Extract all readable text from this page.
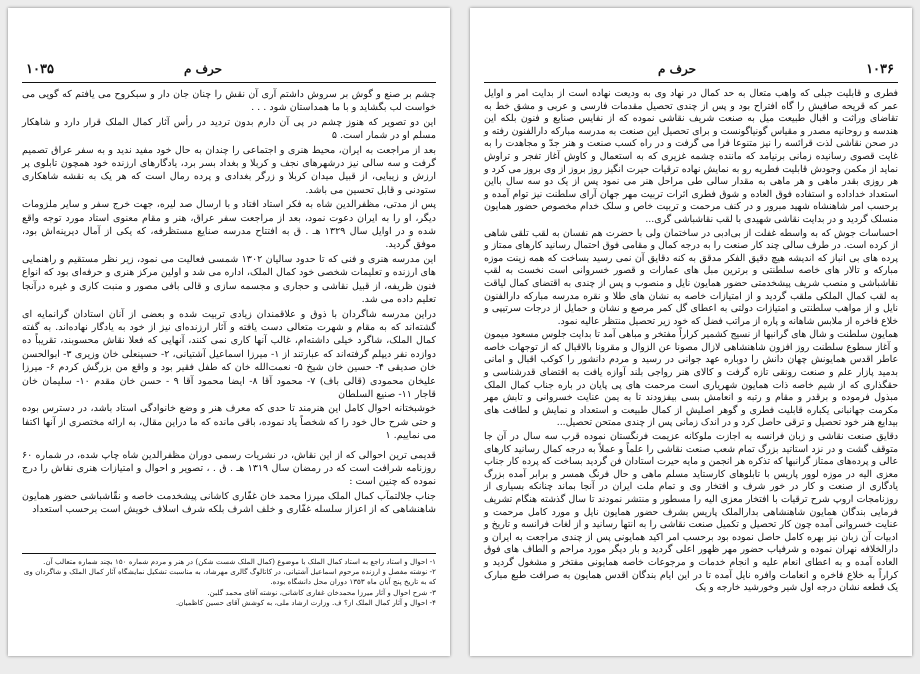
۱۰۳۵	حرف م

چشم بر صنع و گوش بر سروش داشتم آری آن نقش را چنان جان دار و سبکروح می یافتم که گویی می خواست لب بگشاید و با ما همداستان شود . . .

این دو تصویر که هنوز چشم در پی آن دارم بدون تردید در رأس آثار کمال الملک قرار دارد و شاهکار مسلم او در شمار است. ۵

بعد از مراجعت به ایران، محیط هنری و اجتماعی را چندان به حال خود مفید ندید و به سفر عراق تصمیم گرفت و سه سالی نیز درشهرهای نجف و کربلا و بغداد بسر برد، یادگارهای ارزنده خود همچون تابلوی پر ارزش و زیبایی، از قبیل میدان کربلا و زرگر بغدادی و پرده رمال است که هر یک به نقشه شاهکاری ستودنی و قابل تحسین می باشد.

پس از مدتی، مظفرالدین شاه به فکر استاد افتاد و با ارسال صد لیره، جهت خرج سفر و سایر ملزومات دیگر، او را به ایران دعوت نمود، بعد از مراجعت سفر عراق، هنر و مقام معنوی استاد مورد توجه واقع شده و در اوایل سال ۱۳۲۹ هـ . ق به افتتاح مدرسه صنایع مستظرفه، که یکی از آمال دیرینه‌اش بود، موفق گردید.

این مدرسه هنری و فنی که تا حدود سالیان ۱۳۰۲ شمسی فعالیت می نمود، زیر نظر مستقیم و راهنمایی های ارزنده و تعلیمات شخصی خود کمال الملک، اداره می شد و اولین مرکز هنری و حرفه‌ای بود که انواع فنون ظریفه، از قبیل نقاشی و حجاری و مجسمه سازی و قالی بافی مصور و منبت کاری و غیره درآنجا تعلیم داده می شد.

دراین مدرسه شاگردان با ذوق و علاقمندان زیادی تربیت شده و بعضی از آنان استادان گرانمایه ای گشته‌اند که به مقام و شهرت متعالی دست یافته و آثار ارزنده‌ای نیز از خود به یادگار نهاده‌اند. به گفته کمال الملک، شاگرد خیلی داشته‌ام، غالب آنها کاری نمی کنند، آنهایی که فعلا نقاش محسوبند، تقریباً ده دوازده نفر دیپلم گرفته‌اند که عبارتند از ۱- میرزا اسماعیل آشتیانی، ۲- حسینعلی خان وزیری ۳- ابوالحسن خان صدیقی ۴- حسین خان شیخ ۵- نعمت‌الله خان که طفل فقیر بود و واقع من بزرگش کردم ۶- میرزا علیخان محمودی (قالی باف) ۷- محمود آقا ۸- ایضا محمود آقا ۹ - حسن خان مقدم ۱۰- سلیمان خان قاجار ۱۱- صنیع السلطان

خوشبختانه احوال کامل این هنرمند تا حدی که معرف هنر و وضع خانوادگی استاد باشد، در دسترس بوده و حتی شرح حال خود را که شخصاً یاد نموده، باقی مانده که ما دراین مقال، به ارائه مختصری از آنها اکتفا می نماییم. ۱

قدیمی ترین احوالی که از این نقاش، در نشریات رسمی دوران مظفرالدین شاه چاپ شده، در شماره ۶۰ روزنامه شرافت است که در رمضان سال ۱۳۱۹ هـ . ق . ، تصویر و احوال و امتیازات هنری نقاش را درج نموده که چنین است :

جناب جلالتمآب کمال الملک میرزا محمد خان غفّاری کاشانی پیشخدمت خاصه و نقّاشباشی حضور همایون شاهنشاهی که از اعزاز سلسله غفّاری و خلف اشرف بلکه شرف اسلاف خویش است برحسب استعداد

۱- احوال و استاد راجع به استاد کمال الملک با موضوع (کمال الملک شست شکن) در هنر و مردم شماره ۱۵۰ بچند شماره متعالب آن.

۲- نوشته مفصل و ارزنده مرحوم اسماعیل آشتیانی، در کاتالوگ گالری مهرشاد، به مناسبت تشکیل نمایشگاه آثار کمال الملک و شاگردان وی که به تاریخ پنج آبان ماه ۱۳۵۳ دوران محل دانشگاه بوده.

۳- شرح احوال و آثار میرزا محمدخان غفاری کاشانی، نوشته آقای محمد گلبن.

۴- احوال و آثار کمال الملک از؟ ف. وزارت ارشاد ملی، به کوشش آقای حسین کاظمیان.

حرف م	۱۰۳۶

فطری و قابلیت جبلی که واهب متعال به حد کمال در نهاد وی به ودیعت نهاده است از بدایت امر و اوایل عمر که قریحه صافیش را گاه افتراح بود و پس از چندی تحصیل مقدمات فارسی و عربی و مشق خط به تقاضای وراثت و اقبال طبیعت میل به صنعت شریف نقاشی نموده که از نفایس صنایع و فنون بلکه این هندسه و روحانیه مصدر و مقیاس گونیاگونست و برای تحصیل این صنعت به مدرسه مبارکه دارالفنون رفته و در صحن نقاشی لذت قرائسه را نیز متنوعا فرا می گرفت و در راه کسب صنعت و هنر جدّ و مجاهدت را به غایت قصوی رسانیده زمانی برنیامد که ماننده چشمه غزیری که به استعمال و کاوش آغاز تفجر و تراوش نماید از مکمن وجودش قابلیت فطریه رو به نمایش نهاده ترقیات حیرت انگیز روز بروز از وی بروز می کرد و هر روزی بقدر ماهی و هر ماهی به مقدار سالی طی مراحل هنر می نمود پس از یک دو سه سال بااین استعداد خداداده و استفاده فوق العاده و شوق فطری اثرات تربیت مهر جهان آرای سلطنت نیز توام آمده و برحسب امر شاهنشاه شهید مبرور و در کنف مرحمت و تربیت خاص و سلک خدام مخصوص حضور همایون منسلک گردید و در بدایت نقاشی شهیدی با لقب نقاشباشی گری...

احساسات جوش که به واسطه غفلت از بی‌ادبی در ساختمان ولی با حضرت هم نفسان به لقب تلقی شاهی از کرده است. در طرف سالی چند کار صنعت را به درجه کمال و مقامی فوق احتمال رسانید کارهای ممتاز و پرده های بی انباز که اندیشه هیچ دقیق الفکر مدقق به کنه دقایق آن نمی رسید بساخت که همه زینت موزه مبارکه و تالار های خاصه سلطنتی و برترین مبل های عمارات و قصور خسروانی است نخست به لقب نقاشباشی و منصب شریف پیشخدمتی حضور همایون نایل و منصوب و پس از چندی به اقتضای کمال لیاقت به لقب کمال الملکی ملقب گردید و از امتیازات خاصه به نشان های طلا و نقره مدرسه مبارکه دارالفنون نایل و از مواهب سلطنتی و امتیازات دولتی به اعطای گل کمر مرصع و نشان و حمایل از درجات سرتیپی و خلاع فاخره از ملابس شاهانه و پاره از مراتب فضل که خود زیر تحصیل منتظر عالیه نمود.

همایون سلطنت و شال های گرانبها از نسیج کشمیر کراراً مفتخر و مباهی آمد تا بدایت جلوس مسعود میمون و آغاز سطوع سلطنت روز افزون شاهنشاهی لازال مصونا عن الزوال و مقرونا بالاقبال که از توجهات خاصه عاطر اقدس همایونش چهان دانش را دوباره عهد جوانی در رسید و مردم دانشور را کوکب اقبال و امانی بدمید پازار علم و صنعت رونقی تازه گرفت و کالای هنر رواجی بلند آوازه یافت به اقتضای قدرشناسی و حقگذاری که از شیم خاصه ذات همایون شهریاری است مرحمت های پی پایان در باره جناب کمال الملک مبذول فرموده و برقدر و مقام و رتبه و انعامش بسی بیفزودند تا به یمن عنایت خسروانی و تابش مهر مکرمت جهانبانی یکباره قابلیت فطری و گوهر اصلیش از کمال طبیعت و استعداد و نمایش و لطافت های بیدایع هنر خود تحصیل و ترقی حاصل کرد و در اندک زمانی پس از چندی ممتحن تحصیل...

دقایق صنعت نقاشی و زبان فرانسه به اجازت ملوکانه عزیمت فرنگستان نموده قرب سه سال در آن جا متوقف گشت و در نزد استاتید بزرگ تمام شعب صنعت نقاشی را علماً و عملاً به درجه کمال رسانید کارهای عالی و پرده‌های ممتاز گرانبها که تذکره هر انجمن و مایه حیرت استادان فن گردید بساخت که پرده کار جناب معزی الیه در موزه لوور پاریس با تابلوهای کارستاید مسلم ماهی و حال فرنگ همسر و برابر آمده بزرگ یادگاری از صنعت و کار در خور شرف و افتخار وی و تمام ملت ایران در آنجا بماند چنانکه بسیاری از روزنامجات اروپ شرح ترقیات با افتخار معزی الیه را مسطور و منتشر نمودند تا سال گذشته هنگام تشریف فرمایی بندگان همایون شاهنشاهی بدارالملک پاریس بشرف حضور همایون نایل و مورد کامل مرحمت و عنایت خسروانی آمده چون کار تحصیل و تکمیل صنعت نقاشی را به انتها رسانید و از لغات فرانسه و تاریخ و ادبیات آن زبان نیز بهره کامل حاصل نموده بود برحسب امر اکید همایونی پس از چندی مراجعت به ایران و دارالخلافه نهران نموده و شرفیاب حضور مهر ظهور اعلی گردید و بار دیگر مورد مراحم و الطاف های فوق العاده آمده و به اعطای انعام علیه و انجام خدمات و مرجوعات خاصه همایونی مفتخر و مشغول گردید و کراراً به خلاع فاخره و انعامات وافره نایل آمده تا در این ایام بندگان اقدس همایون به صرافت طبع مبارک یک قطعه نشان درجه اول شیر وخورشید خارجه و یک
